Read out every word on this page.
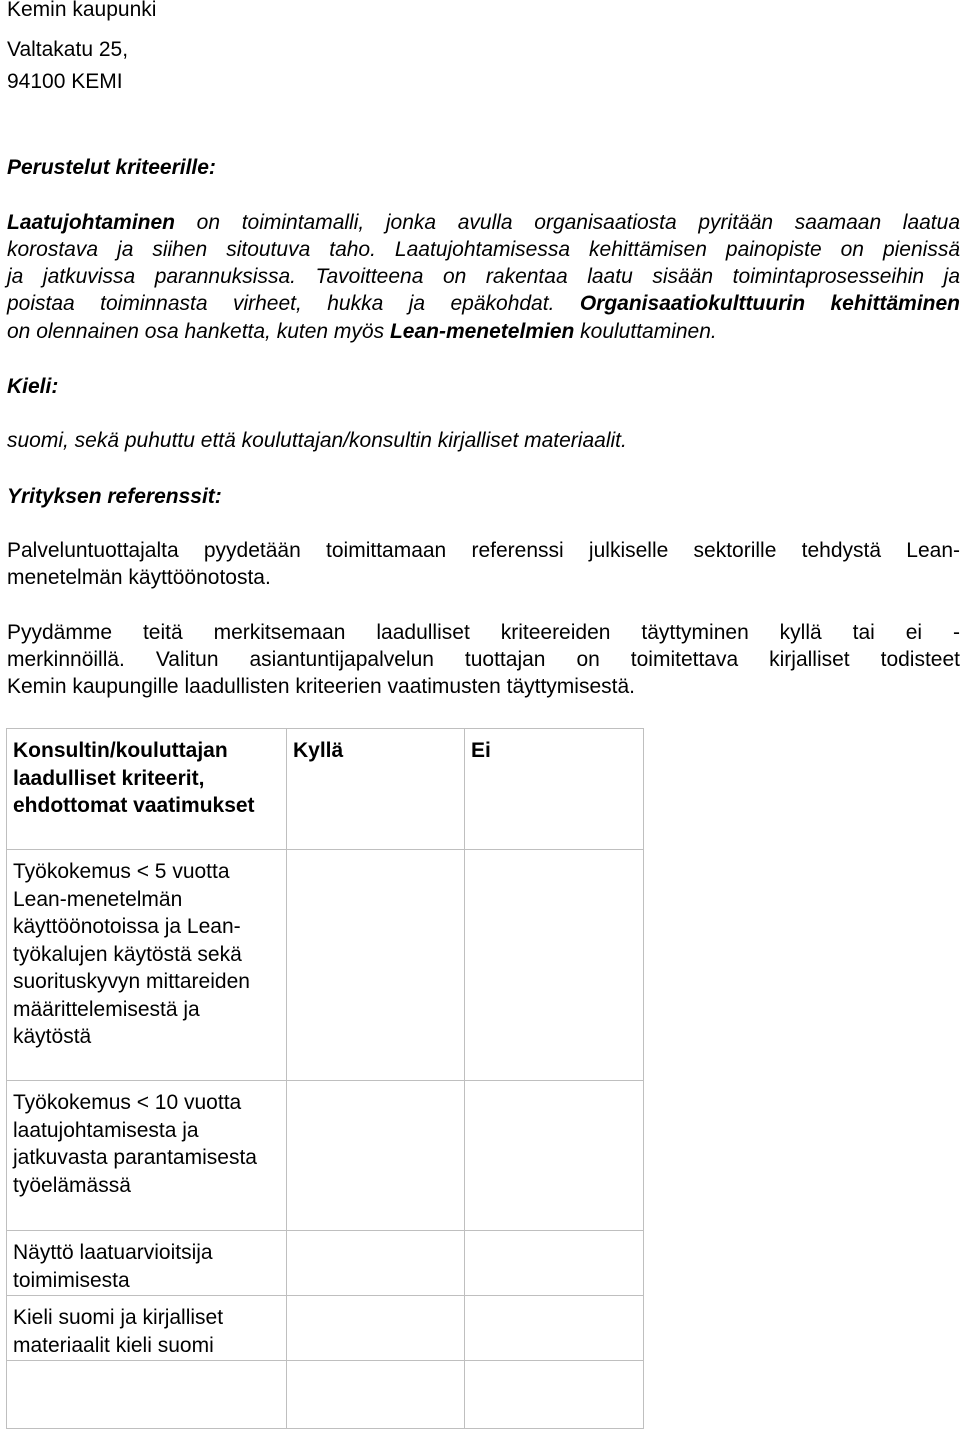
Kemin kaupunki
Valtakatu 25,
94100 KEMI
Perustelut kriteerille:
Laatujohtaminen on toimintamalli, jonka avulla organisaatiosta pyritään saamaan laatua
korostava ja siihen sitoutuva taho. Laatujohtamisessa kehittämisen painopiste on pienissä
ja jatkuvissa parannuksissa. Tavoitteena on rakentaa laatu sisään toimintaprosesseihin ja
poistaa toiminnasta virheet, hukka ja epäkohdat. Organisaatiokulttuurin kehittäminen
on olennainen osa hanketta, kuten myös Lean-menetelmien kouluttaminen.
Kieli:
suomi, sekä puhuttu että kouluttajan/konsultin kirjalliset materiaalit.
Yrityksen referenssit:
Palveluntuottajalta pyydetään toimittamaan referenssi julkiselle sektorille tehdystä Lean-
menetelmän käyttöönotosta.
Pyydämme teitä merkitsemaan laadulliset kriteereiden täyttyminen kyllä tai ei -
merkinnöillä. Valitun asiantuntijapalvelun tuottajan on toimitettava kirjalliset todisteet
Kemin kaupungille laadullisten kriteerien vaatimusten täyttymisestä.
Konsultin/kouluttajan laadulliset kriteerit, ehdottomat vaatimukset	Kyllä	Ei
Työkokemus < 5 vuotta Lean-menetelmän käyttöönotoissa ja Lean-työkalujen käytöstä sekä suorituskyvyn mittareiden määrittelemisestä ja käytöstä		
Työkokemus < 10 vuotta laatujohtamisesta ja jatkuvasta parantamisesta työelämässä		
Näyttö laatuarvioitsija toimimisesta		
Kieli suomi ja kirjalliset materiaalit kieli suomi		
